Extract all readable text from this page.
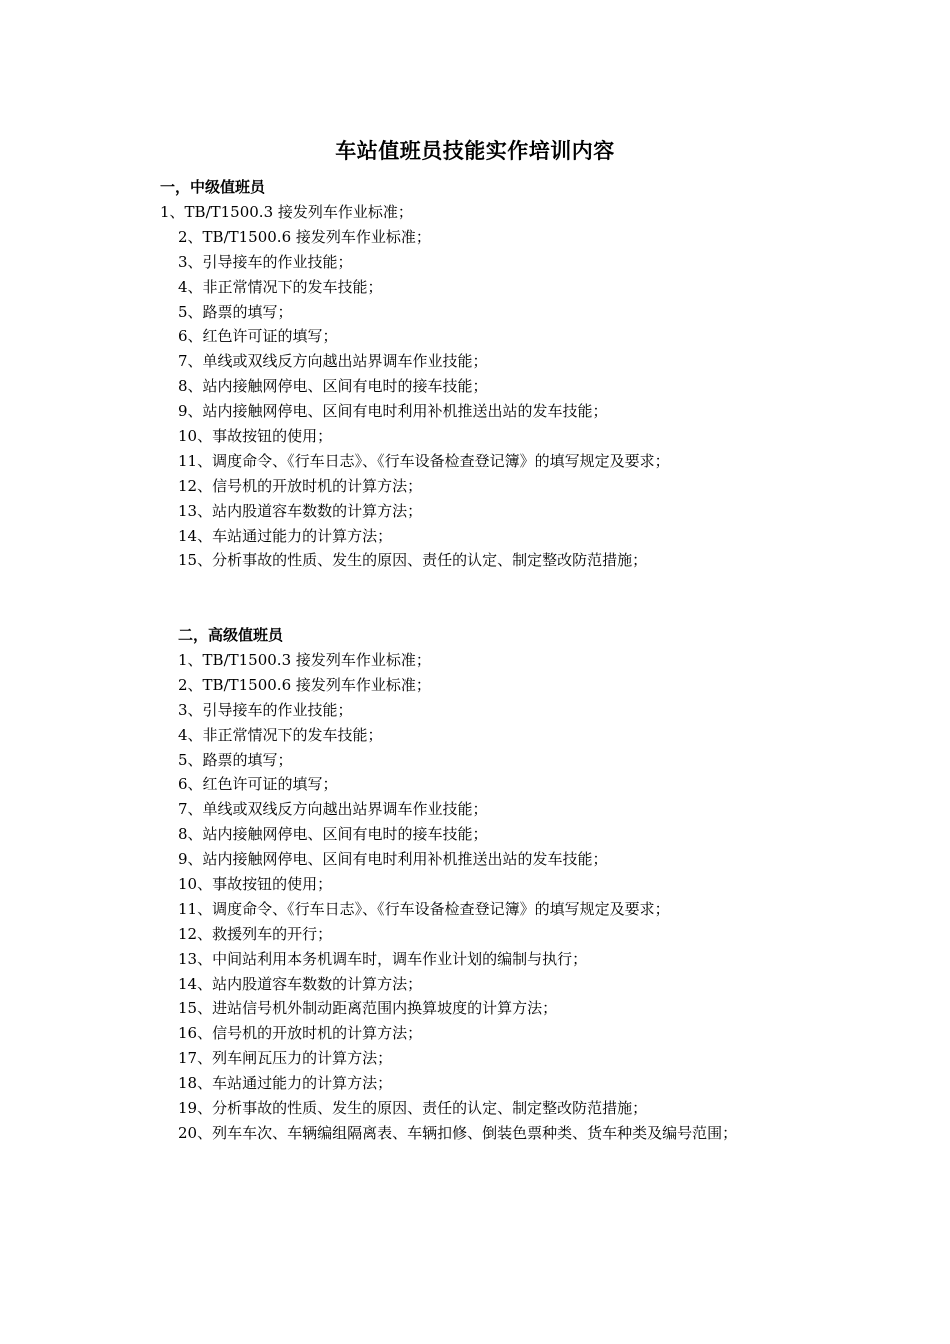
车站值班员技能实作培训内容
一，中级值班员
1、TB/T1500.3 接发列车作业标准；
2、TB/T1500.6 接发列车作业标准；
3、引导接车的作业技能；
4、非正常情况下的发车技能；
5、路票的填写；
6、红色许可证的填写；
7、单线或双线反方向越出站界调车作业技能；
8、站内接触网停电、区间有电时的接车技能；
9、站内接触网停电、区间有电时利用补机推送出站的发车技能；
10、事故按钮的使用；
11、调度命令、《行车日志》、《行车设备检查登记簿》的填写规定及要求；
12、信号机的开放时机的计算方法；
13、站内股道容车数数的计算方法；
14、车站通过能力的计算方法；
15、分析事故的性质、发生的原因、责任的认定、制定整改防范措施；
二，高级值班员
1、TB/T1500.3 接发列车作业标准；
2、TB/T1500.6 接发列车作业标准；
3、引导接车的作业技能；
4、非正常情况下的发车技能；
5、路票的填写；
6、红色许可证的填写；
7、单线或双线反方向越出站界调车作业技能；
8、站内接触网停电、区间有电时的接车技能；
9、站内接触网停电、区间有电时利用补机推送出站的发车技能；
10、事故按钮的使用；
11、调度命令、《行车日志》、《行车设备检查登记簿》的填写规定及要求；
12、救援列车的开行；
13、中间站利用本务机调车时，调车作业计划的编制与执行；
14、站内股道容车数数的计算方法；
15、进站信号机外制动距离范围内换算坡度的计算方法；
16、信号机的开放时机的计算方法；
17、列车闸瓦压力的计算方法；
18、车站通过能力的计算方法；
19、分析事故的性质、发生的原因、责任的认定、制定整改防范措施；
20、列车车次、车辆编组隔离表、车辆扣修、倒装色票种类、货车种类及编号范围；
